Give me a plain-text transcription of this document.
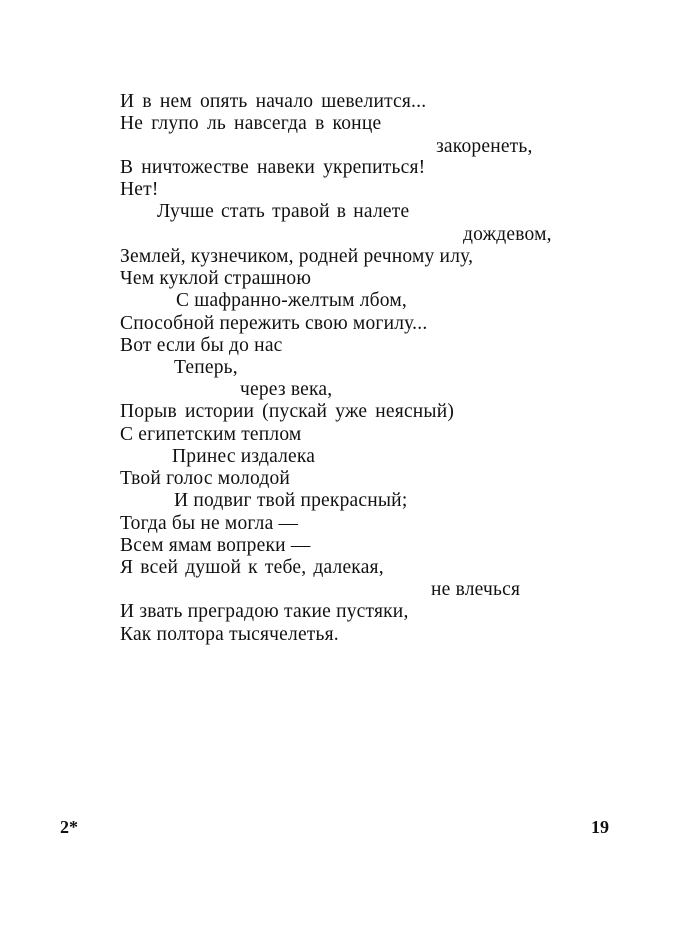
И в нем опять начало шевелится...
Не глупо ль навсегда в конце
закоренеть,
В ничтожестве навеки укрепиться!
Нет!
Лучше стать травой в налете
дождевом,
Землей, кузнечиком, родней речному илу,
Чем куклой страшною
С шафранно-желтым лбом,
Способной пережить свою могилу...
Вот если бы до нас
Теперь,
через века,
Порыв истории (пускай уже неясный)
С египетским теплом
Принес издалека
Твой голос молодой
И подвиг твой прекрасный;
Тогда бы не могла —
Всем ямам вопреки —
Я всей душой к тебе, далекая,
не влечься
И звать преградою такие пустяки,
Как полтора тысячелетья.
2*	19
